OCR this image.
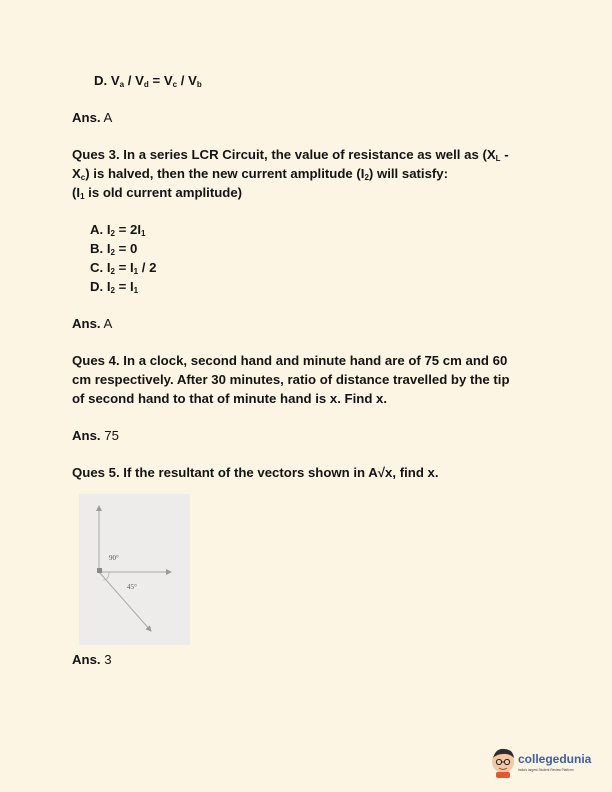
D. $V_a / V_d = V_c / V_b$
Ans. A
Ques 3. In a series LCR Circuit, the value of resistance as well as ($X_L$ -
$X_c$) is halved, then the new current amplitude $(I_2)$ will satisfy:
($I_1$ is old current amplitude)
A. $I_2 = 2I_1$
B. $I_2 = 0$
C. $I_2 = I_1 / 2$
D. $I_2 = I_1$
Ans. A
Ques 4. In a clock, second hand and minute hand are of 75 cm and 60
cm respectively. After 30 minutes, ratio of distance travelled by the tip
of second hand to that of minute hand is x. Find x.
Ans. 75
Ques 5. If the resultant of the vectors shown in A√x, find x.
90°
45°
Ans. 3
collegedunia
India's largest Student Review Platform
